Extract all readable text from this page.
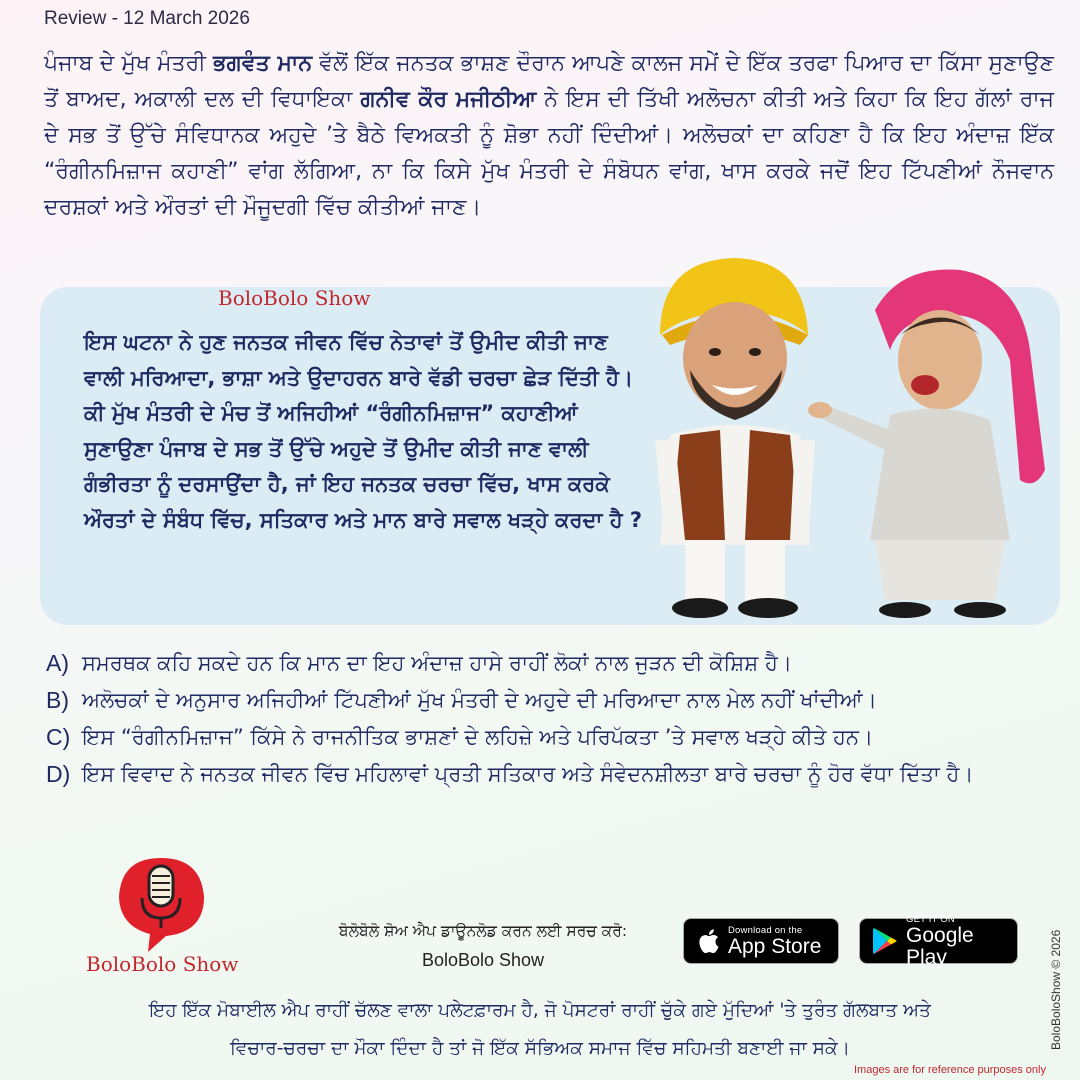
Review - 12 March 2026

ਪੰਜਾਬ ਦੇ ਮੁੱਖ ਮੰਤਰੀ ਭਗਵੰਤ ਮਾਨ ਵੱਲੋਂ ਇੱਕ ਜਨਤਕ ਭਾਸ਼ਣ ਦੌਰਾਨ ਆਪਣੇ ਕਾਲਜ ਸਮੇਂ ਦੇ ਇੱਕ ਤਰਫਾ ਪਿਆਰ ਦਾ ਕਿੱਸਾ ਸੁਣਾਉਣ ਤੋਂ ਬਾਅਦ, ਅਕਾਲੀ ਦਲ ਦੀ ਵਿਧਾਇਕਾ ਗਨੀਵ ਕੌਰ ਮਜੀਠੀਆ ਨੇ ਇਸ ਦੀ ਤਿੱਖੀ ਅਲੋਚਨਾ ਕੀਤੀ ਅਤੇ ਕਿਹਾ ਕਿ ਇਹ ਗੱਲਾਂ ਰਾਜ ਦੇ ਸਭ ਤੋਂ ਉੱਚੇ ਸੰਵਿਧਾਨਕ ਅਹੁਦੇ ’ਤੇ ਬੈਠੇ ਵਿਅਕਤੀ ਨੂੰ ਸ਼ੋਭਾ ਨਹੀਂ ਦਿੰਦੀਆਂ। ਅਲੋਚਕਾਂ ਦਾ ਕਹਿਣਾ ਹੈ ਕਿ ਇਹ ਅੰਦਾਜ਼ ਇੱਕ “ਰੰਗੀਨਮਿਜ਼ਾਜ ਕਹਾਣੀ” ਵਾਂਗ ਲੱਗਿਆ, ਨਾ ਕਿ ਕਿਸੇ ਮੁੱਖ ਮੰਤਰੀ ਦੇ ਸੰਬੋਧਨ ਵਾਂਗ, ਖਾਸ ਕਰਕੇ ਜਦੋਂ ਇਹ ਟਿੱਪਣੀਆਂ ਨੌਜਵਾਨ ਦਰਸ਼ਕਾਂ ਅਤੇ ਔਰਤਾਂ ਦੀ ਮੌਜੂਦਗੀ ਵਿੱਚ ਕੀਤੀਆਂ ਜਾਣ।

BoloBolo Show

ਇਸ ਘਟਨਾ ਨੇ ਹੁਣ ਜਨਤਕ ਜੀਵਨ ਵਿੱਚ ਨੇਤਾਵਾਂ ਤੋਂ ਉਮੀਦ ਕੀਤੀ ਜਾਣ ਵਾਲੀ ਮਰਿਆਦਾ, ਭਾਸ਼ਾ ਅਤੇ ਉਦਾਹਰਨ ਬਾਰੇ ਵੱਡੀ ਚਰਚਾ ਛੇੜ ਦਿੱਤੀ ਹੈ। ਕੀ ਮੁੱਖ ਮੰਤਰੀ ਦੇ ਮੰਚ ਤੋਂ ਅਜਿਹੀਆਂ “ਰੰਗੀਨਮਿਜ਼ਾਜ” ਕਹਾਣੀਆਂ ਸੁਣਾਉਣਾ ਪੰਜਾਬ ਦੇ ਸਭ ਤੋਂ ਉੱਚੇ ਅਹੁਦੇ ਤੋਂ ਉਮੀਦ ਕੀਤੀ ਜਾਣ ਵਾਲੀ ਗੰਭੀਰਤਾ ਨੂੰ ਦਰਸਾਉਂਦਾ ਹੈ, ਜਾਂ ਇਹ ਜਨਤਕ ਚਰਚਾ ਵਿੱਚ, ਖਾਸ ਕਰਕੇ ਔਰਤਾਂ ਦੇ ਸੰਬੰਧ ਵਿੱਚ, ਸਤਿਕਾਰ ਅਤੇ ਮਾਨ ਬਾਰੇ ਸਵਾਲ ਖੜ੍ਹੇ ਕਰਦਾ ਹੈ ?

A) ਸਮਰਥਕ ਕਹਿ ਸਕਦੇ ਹਨ ਕਿ ਮਾਨ ਦਾ ਇਹ ਅੰਦਾਜ਼ ਹਾਸੇ ਰਾਹੀਂ ਲੋਕਾਂ ਨਾਲ ਜੁੜਨ ਦੀ ਕੋਸ਼ਿਸ਼ ਹੈ।
B) ਅਲੋਚਕਾਂ ਦੇ ਅਨੁਸਾਰ ਅਜਿਹੀਆਂ ਟਿੱਪਣੀਆਂ ਮੁੱਖ ਮੰਤਰੀ ਦੇ ਅਹੁਦੇ ਦੀ ਮਰਿਆਦਾ ਨਾਲ ਮੇਲ ਨਹੀਂ ਖਾਂਦੀਆਂ।
C) ਇਸ “ਰੰਗੀਨਮਿਜ਼ਾਜ” ਕਿੱਸੇ ਨੇ ਰਾਜਨੀਤਿਕ ਭਾਸ਼ਣਾਂ ਦੇ ਲਹਿਜ਼ੇ ਅਤੇ ਪਰਿਪੱਕਤਾ ’ਤੇ ਸਵਾਲ ਖੜ੍ਹੇ ਕੀਤੇ ਹਨ।
D) ਇਸ ਵਿਵਾਦ ਨੇ ਜਨਤਕ ਜੀਵਨ ਵਿੱਚ ਮਹਿਲਾਵਾਂ ਪ੍ਰਤੀ ਸਤਿਕਾਰ ਅਤੇ ਸੰਵੇਦਨਸ਼ੀਲਤਾ ਬਾਰੇ ਚਰਚਾ ਨੂੰ ਹੋਰ ਵੱਧਾ ਦਿੱਤਾ ਹੈ।
BoloBolo Show
ਬੋਲੋਬੋਲੋ ਸ਼ੋਅ ਐਪ ਡਾਊਨਲੋਡ ਕਰਨ ਲਈ ਸਰਚ ਕਰੋ:
BoloBolo Show
Download on the
App Store
GET IT ON
Google Play
ਇਹ ਇੱਕ ਮੋਬਾਈਲ ਐਪ ਰਾਹੀਂ ਚੱਲਣ ਵਾਲਾ ਪਲੇਟਫ਼ਾਰਮ ਹੈ, ਜੋ ਪੋਸਟਰਾਂ ਰਾਹੀਂ ਚੁੱਕੇ ਗਏ ਮੁੱਦਿਆਂ 'ਤੇ ਤੁਰੰਤ ਗੱਲਬਾਤ ਅਤੇ
ਵਿਚਾਰ-ਚਰਚਾ ਦਾ ਮੌਕਾ ਦਿੰਦਾ ਹੈ ਤਾਂ ਜੋ ਇੱਕ ਸੱਭਿਅਕ ਸਮਾਜ ਵਿੱਚ ਸਹਿਮਤੀ ਬਣਾਈ ਜਾ ਸਕੇ।	BoloBoloShow © 2026
Images are for reference purposes only
